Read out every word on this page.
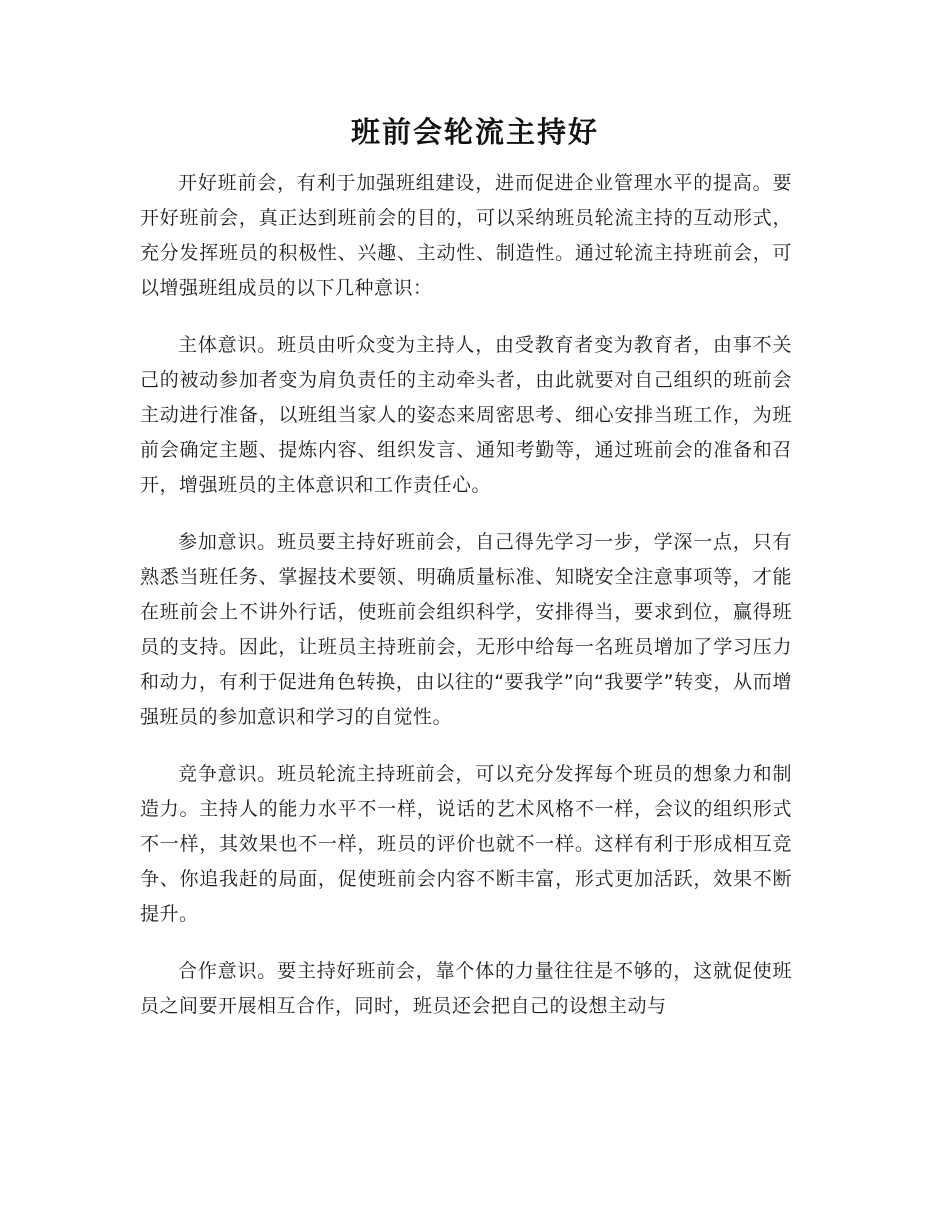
班前会轮流主持好

开好班前会，有利于加强班组建设，进而促进企业管理水平的提高。要开好班前会，真正达到班前会的目的，可以采纳班员轮流主持的互动形式，充分发挥班员的积极性、兴趣、主动性、制造性。通过轮流主持班前会，可以增强班组成员的以下几种意识：

主体意识。班员由听众变为主持人，由受教育者变为教育者，由事不关己的被动参加者变为肩负责任的主动牵头者，由此就要对自己组织的班前会主动进行准备，以班组当家人的姿态来周密思考、细心安排当班工作，为班前会确定主题、提炼内容、组织发言、通知考勤等，通过班前会的准备和召开，增强班员的主体意识和工作责任心。

参加意识。班员要主持好班前会，自己得先学习一步，学深一点，只有熟悉当班任务、掌握技术要领、明确质量标准、知晓安全注意事项等，才能在班前会上不讲外行话，使班前会组织科学，安排得当，要求到位，赢得班员的支持。因此，让班员主持班前会，无形中给每一名班员增加了学习压力和动力，有利于促进角色转换，由以往的“要我学”向“我要学”转变，从而增强班员的参加意识和学习的自觉性。

竞争意识。班员轮流主持班前会，可以充分发挥每个班员的想象力和制造力。主持人的能力水平不一样，说话的艺术风格不一样，会议的组织形式不一样，其效果也不一样，班员的评价也就不一样。这样有利于形成相互竞争、你追我赶的局面，促使班前会内容不断丰富，形式更加活跃，效果不断提升。

合作意识。要主持好班前会，靠个体的力量往往是不够的，这就促使班员之间要开展相互合作，同时，班员还会把自己的设想主动与
